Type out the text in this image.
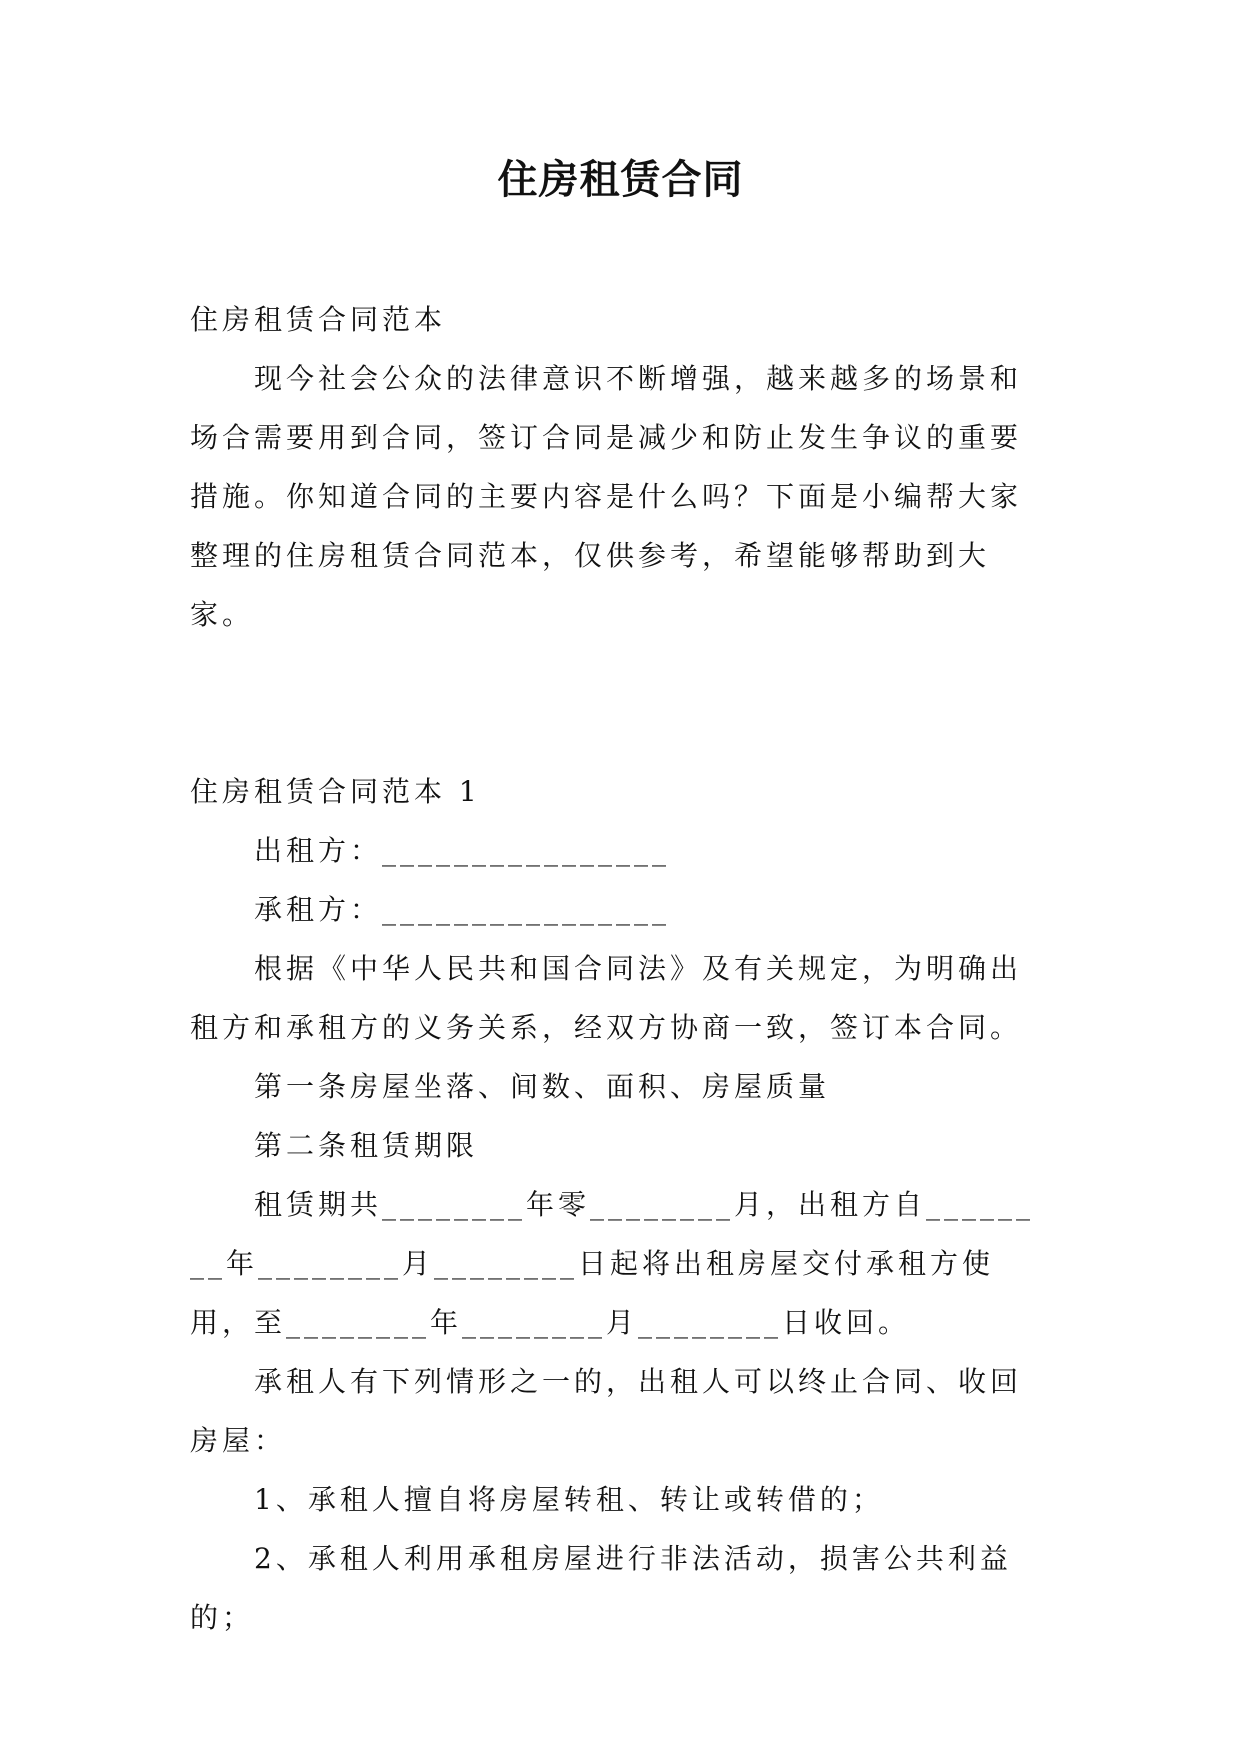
住房租赁合同

住房租赁合同范本

现今社会公众的法律意识不断增强，越来越多的场景和场合需要用到合同，签订合同是减少和防止发生争议的重要措施。你知道合同的主要内容是什么吗？下面是小编帮大家整理的住房租赁合同范本，仅供参考，希望能够帮助到大家。

住房租赁合同范本 1

出租方：________________

承租方：________________

根据《中华人民共和国合同法》及有关规定，为明确出租方和承租方的义务关系，经双方协商一致，签订本合同。

第一条房屋坐落、间数、面积、房屋质量

第二条租赁期限

租赁期共________年零________月，出租方自________年________月________日起将出租房屋交付承租方使用，至________年________月________日收回。

承租人有下列情形之一的，出租人可以终止合同、收回房屋：

1、承租人擅自将房屋转租、转让或转借的；

2、承租人利用承租房屋进行非法活动，损害公共利益的；
